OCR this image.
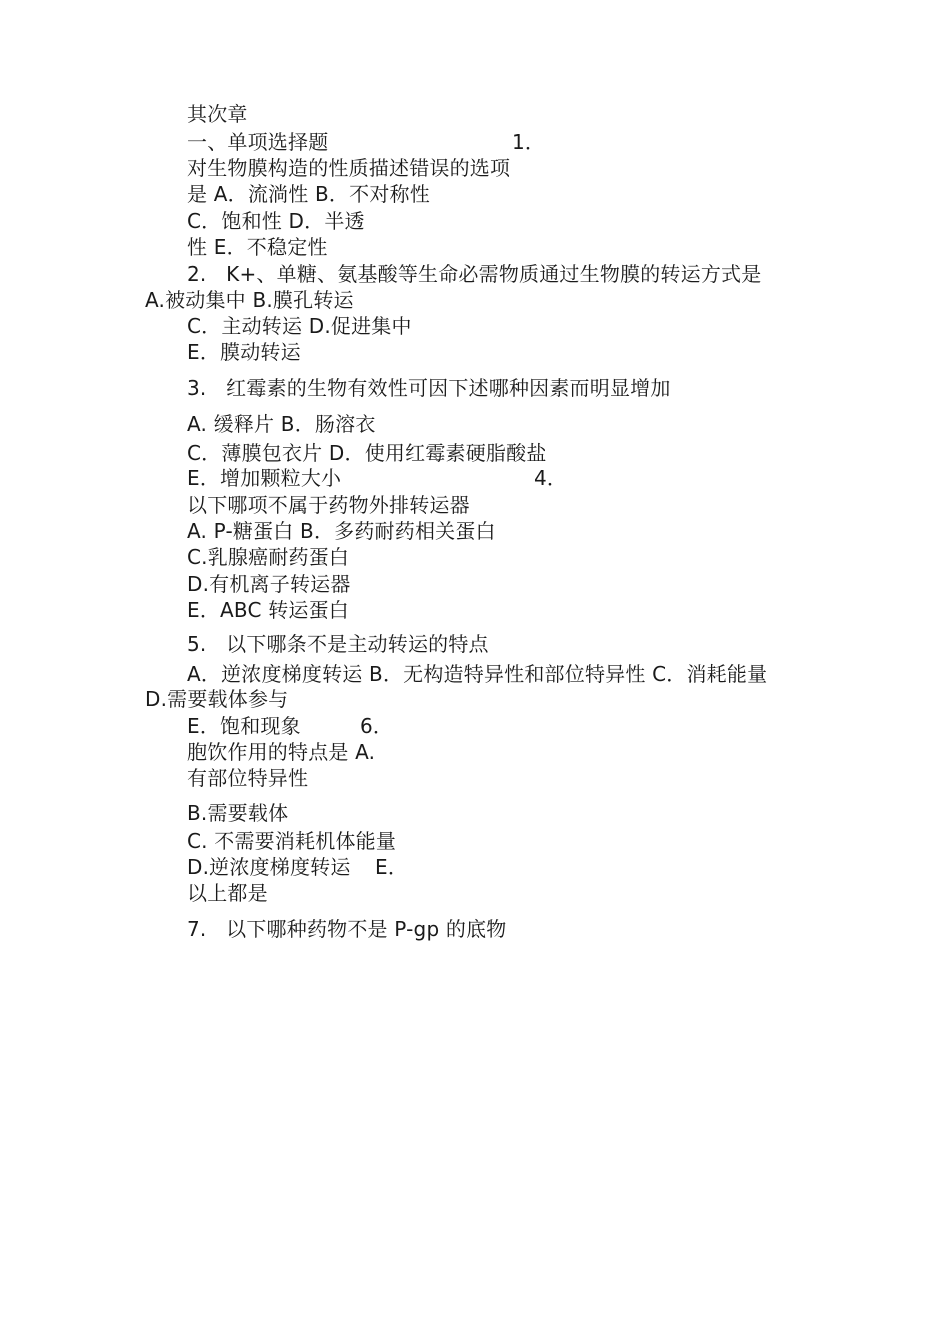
其次章
一、单项选择题	1．
对生物膜构造的性质描述错误的选项
是 A．流淌性 B．不对称性
C．饱和性 D．半透
性 E．不稳定性
2.   K+、单糖、氨基酸等生命必需物质通过生物膜的转运方式是
A.被动集中 B.膜孔转运
C．主动转运 D.促进集中
E．膜动转运
3.   红霉素的生物有效性可因下述哪种因素而明显增加
A. 缓释片 B．肠溶衣
C．薄膜包衣片 D．使用红霉素硬脂酸盐
E．增加颗粒大小	4．
以下哪项不属于药物外排转运器
A. P-糖蛋白 B．多药耐药相关蛋白
C.乳腺癌耐药蛋白
D.有机离子转运器
E．ABC 转运蛋白
5.   以下哪条不是主动转运的特点
A．逆浓度梯度转运 B．无构造特异性和部位特异性 C．消耗能量
D.需要载体参与
E．饱和现象	6．
胞饮作用的特点是 A.
有部位特异性
B.需要载体
C. 不需要消耗机体能量
D.逆浓度梯度转运 E．
以上都是
7.   以下哪种药物不是 P-gp 的底物
